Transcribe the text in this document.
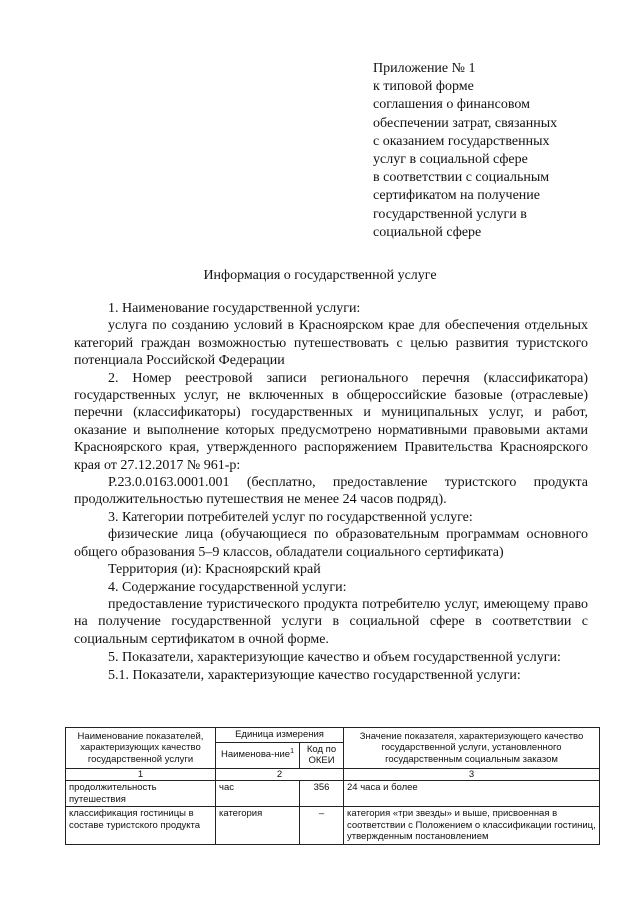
Приложение № 1
к типовой форме
соглашения о финансовом
обеспечении затрат, связанных
с оказанием государственных
услуг в социальной сфере
в соответствии с социальным
сертификатом на получение
государственной услуги в
социальной сфере
Информация о государственной услуге

1. Наименование государственной услуги:

услуга по созданию условий в Красноярском крае для обеспечения отдельных категорий граждан возможностью путешествовать с целью развития туристского потенциала Российской Федерации

2. Номер реестровой записи регионального перечня (классификатора) государственных услуг, не включенных в общероссийские базовые (отраслевые) перечни (классификаторы) государственных и муниципальных услуг, и работ, оказание и выполнение которых предусмотрено нормативными правовыми актами Красноярского края, утвержденного распоряжением Правительства Красноярского края от 27.12.2017 № 961-р:

Р.23.0.0163.0001.001 (бесплатно, предоставление туристского продукта продолжительностью путешествия не менее 24 часов подряд).

3. Категории потребителей услуг по государственной услуге:

физические лица (обучающиеся по образовательным программам основного общего образования 5–9 классов, обладатели социального сертификата)

Территория (и): Красноярский край

4. Содержание государственной услуги:

предоставление туристического продукта потребителю услуг, имеющему право на получение государственной услуги в социальной сфере в соответствии с социальным сертификатом в очной форме.

5. Показатели, характеризующие качество и объем государственной услуги:

5.1. Показатели, характеризующие качество государственной услуги:

Наименование показателей, характеризующих качество государственной услуги	Единица измерения		Значение показателя, характеризующего качество государственной услуги, установленного государственным социальным заказом
	Наименова-ние$^1$	Код по ОКЕИ	
1	2		3
продолжительность путешествия	час	356	24 часа и более
классификация гостиницы в составе туристского продукта	категория	–	категория «три звезды» и выше, присвоенная в соответствии с Положением о классификации гостиниц, утвержденным постановлением
